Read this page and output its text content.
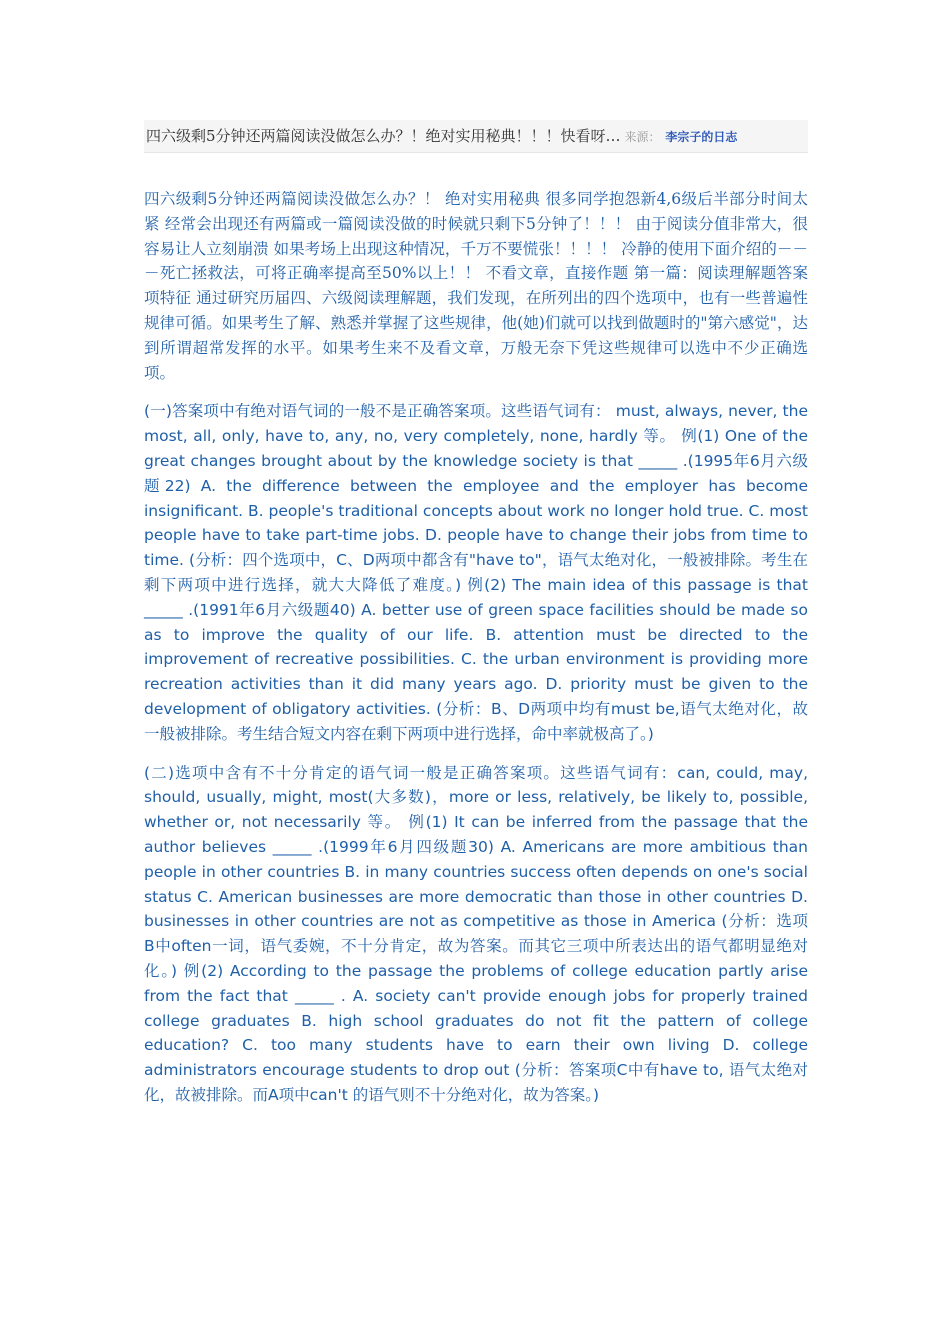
四六级剩5分钟还两篇阅读没做怎么办？！绝对实用秘典！！！快看呀… 来源： 李宗子的日志

四六级剩5分钟还两篇阅读没做怎么办？！ 绝对实用秘典 很多同学抱怨新4,6级后半部分时间太紧 经常会出现还有两篇或一篇阅读没做的时候就只剩下5分钟了！！！ 由于阅读分值非常大，很容易让人立刻崩溃 如果考场上出现这种情况，千万不要慌张！！！！ 冷静的使用下面介绍的－－－死亡拯救法，可将正确率提高至50%以上！！ 不看文章，直接作题 第一篇：阅读理解题答案项特征 通过研究历届四、六级阅读理解题，我们发现，在所列出的四个选项中，也有一些普遍性规律可循。如果考生了解、熟悉并掌握了这些规律，他(她)们就可以找到做题时的"第六感觉"，达到所谓超常发挥的水平。如果考生来不及看文章，万般无奈下凭这些规律可以选中不少正确选项。

(一)答案项中有绝对语气词的一般不是正确答案项。这些语气词有： must, always, never, the most, all, only, have to, any, no, very completely, none, hardly 等。 例(1) One of the great changes brought about by the knowledge society is that _____ .(1995年6月六级题22) A. the difference between the employee and the employer has become insignificant. B. people's traditional concepts about work no longer hold true. C. most people have to take part-time jobs. D. people have to change their jobs from time to time. (分析：四个选项中，C、D两项中都含有"have to"，语气太绝对化，一般被排除。考生在剩下两项中进行选择，就大大降低了难度。) 例(2) The main idea of this passage is that _____ .(1991年6月六级题40) A. better use of green space facilities should be made so as to improve the quality of our life. B. attention must be directed to the improvement of recreative possibilities. C. the urban environment is providing more recreation activities than it did many years ago. D. priority must be given to the development of obligatory activities. (分析：B、D两项中均有must be,语气太绝对化，故一般被排除。考生结合短文内容在剩下两项中进行选择，命中率就极高了。)

(二)选项中含有不十分肯定的语气词一般是正确答案项。这些语气词有：can, could, may, should, usually, might, most(大多数)，more or less, relatively, be likely to, possible, whether or, not necessarily 等。 例(1) It can be inferred from the passage that the author believes _____ .(1999年6月四级题30) A. Americans are more ambitious than people in other countries B. in many countries success often depends on one's social status C. American businesses are more democratic than those in other countries D. businesses in other countries are not as competitive as those in America (分析：选项B中often一词，语气委婉，不十分肯定，故为答案。而其它三项中所表达出的语气都明显绝对化。) 例(2) According to the passage the problems of college education partly arise from the fact that _____ . A. society can't provide enough jobs for properly trained college graduates B. high school graduates do not fit the pattern of college education? C. too many students have to earn their own living D. college administrators encourage students to drop out (分析：答案项C中有have to, 语气太绝对化，故被排除。而A项中can't 的语气则不十分绝对化，故为答案。)
